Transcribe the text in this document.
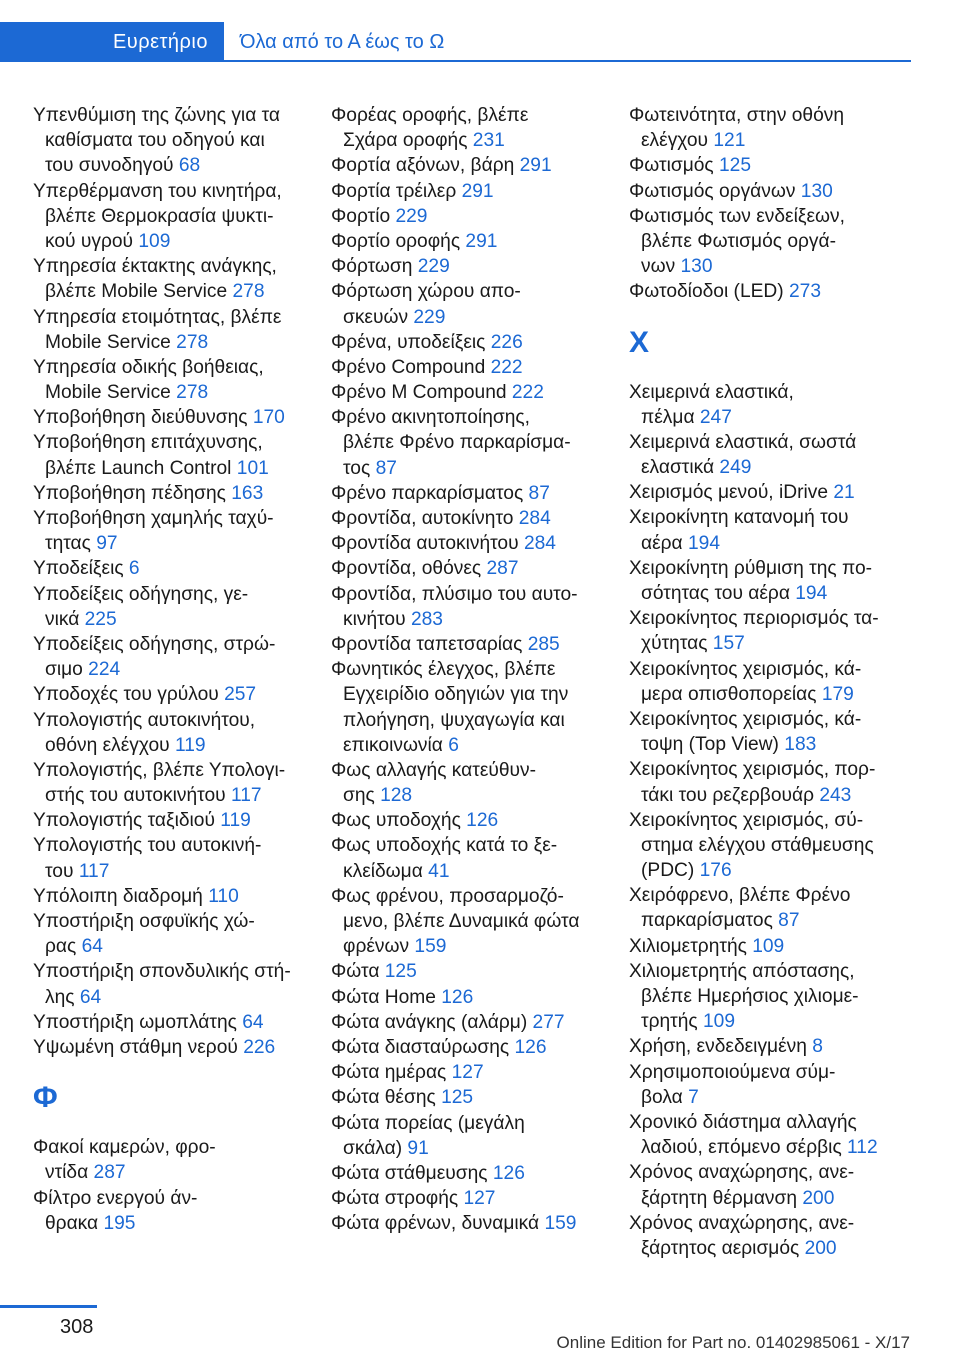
Ευρετήριο	Όλα από το Α έως το Ω
Υπενθύμιση της ζώνης για τα
καθίσματα του οδηγού και
του συνοδηγού 68
Υπερθέρμανση του κινητήρα,
βλέπε Θερμοκρασία ψυκτι-
κού υγρού 109
Υπηρεσία έκτακτης ανάγκης,
βλέπε Mobile Service 278
Υπηρεσία ετοιμότητας, βλέπε
Mobile Service 278
Υπηρεσία οδικής βοήθειας,
Mobile Service 278
Υποβοήθηση διεύθυνσης 170
Υποβοήθηση επιτάχυνσης,
βλέπε Launch Control 101
Υποβοήθηση πέδησης 163
Υποβοήθηση χαμηλής ταχύ-
τητας 97
Υποδείξεις 6
Υποδείξεις οδήγησης, γε-
νικά 225
Υποδείξεις οδήγησης, στρώ-
σιμο 224
Υποδοχές του γρύλου 257
Υπολογιστής αυτοκινήτου,
οθόνη ελέγχου 119
Υπολογιστής, βλέπε Υπολογι-
στής του αυτοκινήτου 117
Υπολογιστής ταξιδιού 119
Υπολογιστής του αυτοκινή-
του 117
Υπόλοιπη διαδρομή 110
Υποστήριξη οσφυϊκής χώ-
ρας 64
Υποστήριξη σπονδυλικής στή-
λης 64
Υποστήριξη ωμοπλάτης 64
Υψωμένη στάθμη νερού 226
Φ
Φακοί καμερών, φρο-
ντίδα 287
Φίλτρο ενεργού άν-
θρακα 195
Φορέας οροφής, βλέπε
Σχάρα οροφής 231
Φορτία αξόνων, βάρη 291
Φορτία τρέιλερ 291
Φορτίο 229
Φορτίο οροφής 291
Φόρτωση 229
Φόρτωση χώρου απο-
σκευών 229
Φρένα, υποδείξεις 226
Φρένο Compound 222
Φρένο M Compound 222
Φρένο ακινητοποίησης,
βλέπε Φρένο παρκαρίσμα-
τος 87
Φρένο παρκαρίσματος 87
Φροντίδα, αυτοκίνητο 284
Φροντίδα αυτοκινήτου 284
Φροντίδα, οθόνες 287
Φροντίδα, πλύσιμο του αυτο-
κινήτου 283
Φροντίδα ταπετσαρίας 285
Φωνητικός έλεγχος, βλέπε
Εγχειρίδιο οδηγιών για την
πλοήγηση, ψυχαγωγία και
επικοινωνία 6
Φως αλλαγής κατεύθυν-
σης 128
Φως υποδοχής 126
Φως υποδοχής κατά το ξε-
κλείδωμα 41
Φως φρένου, προσαρμοζό-
μενο, βλέπε Δυναμικά φώτα
φρένων 159
Φώτα 125
Φώτα Home 126
Φώτα ανάγκης (αλάρμ) 277
Φώτα διασταύρωσης 126
Φώτα ημέρας 127
Φώτα θέσης 125
Φώτα πορείας (μεγάλη
σκάλα) 91
Φώτα στάθμευσης 126
Φώτα στροφής 127
Φώτα φρένων, δυναμικά 159
Φωτεινότητα, στην οθόνη
ελέγχου 121
Φωτισμός 125
Φωτισμός οργάνων 130
Φωτισμός των ενδείξεων,
βλέπε Φωτισμός οργά-
νων 130
Φωτοδίοδοι (LED) 273
Χ
Χειμερινά ελαστικά,
πέλμα 247
Χειμερινά ελαστικά, σωστά
ελαστικά 249
Χειρισμός μενού, iDrive 21
Χειροκίνητη κατανομή του
αέρα 194
Χειροκίνητη ρύθμιση της πο-
σότητας του αέρα 194
Χειροκίνητος περιορισμός τα-
χύτητας 157
Χειροκίνητος χειρισμός, κά-
μερα οπισθοπορείας 179
Χειροκίνητος χειρισμός, κά-
τοψη (Top View) 183
Χειροκίνητος χειρισμός, πορ-
τάκι του ρεζερβουάρ 243
Χειροκίνητος χειρισμός, σύ-
στημα ελέγχου στάθμευσης
(PDC) 176
Χειρόφρενο, βλέπε Φρένο
παρκαρίσματος 87
Χιλιομετρητής 109
Χιλιομετρητής απόστασης,
βλέπε Ημερήσιος χιλιομε-
τρητής 109
Χρήση, ενδεδειγμένη 8
Χρησιμοποιούμενα σύμ-
βολα 7
Χρονικό διάστημα αλλαγής
λαδιού, επόμενο σέρβις 112
Χρόνος αναχώρησης, ανε-
ξάρτητη θέρμανση 200
Χρόνος αναχώρησης, ανε-
ξάρτητος αερισμός 200
308
Online Edition for Part no. 01402985061 - X/17
